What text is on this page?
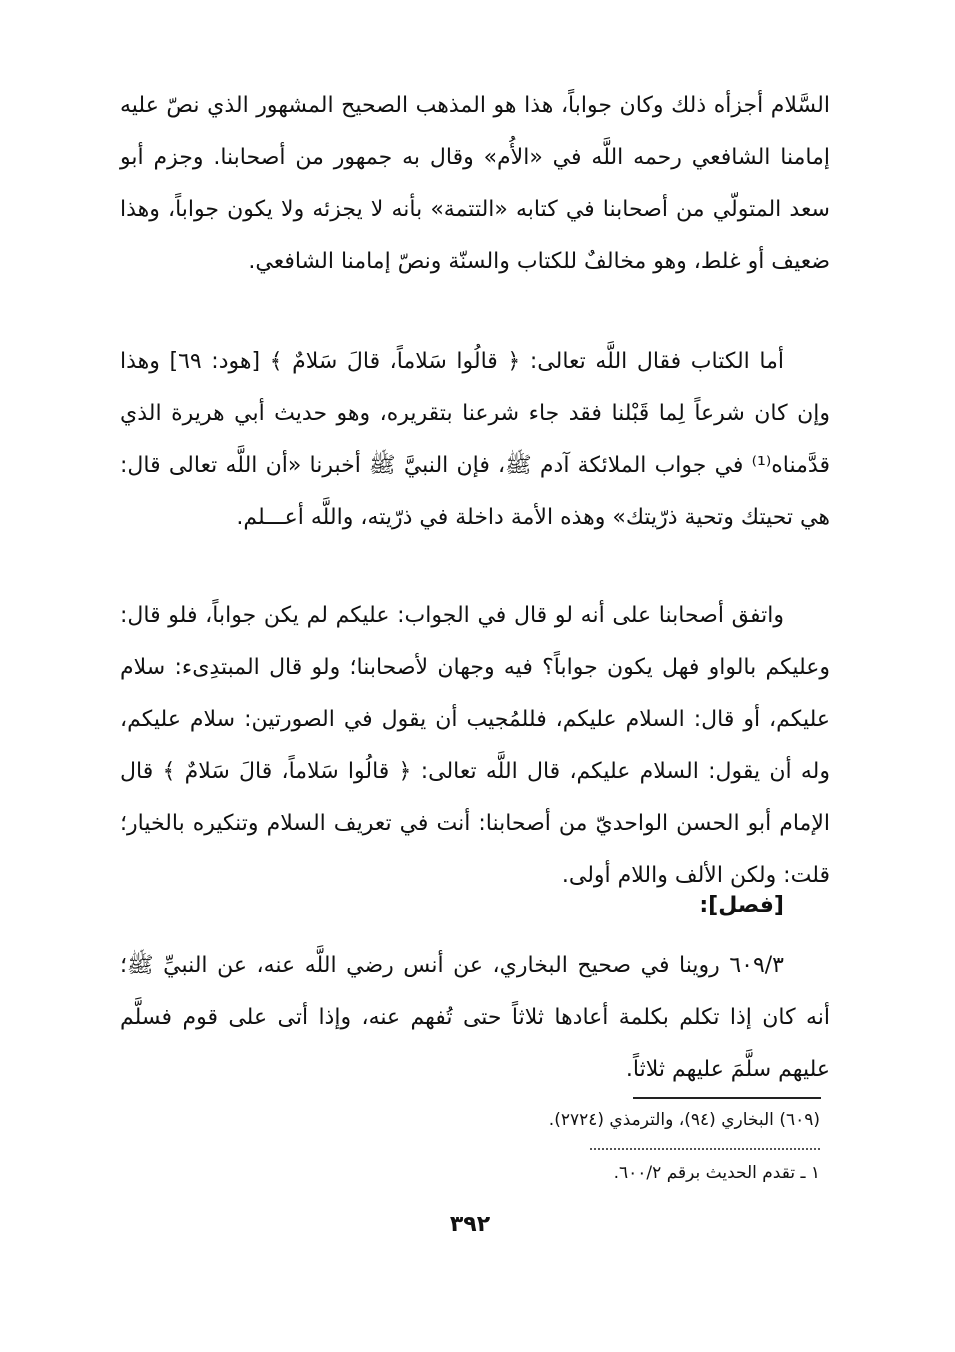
السَّلام أجزأه ذلك وكان جواباً، هذا هو المذهب الصحيح المشهور الذي نصّ عليه إمامنا الشافعي رحمه اللَّه في «الأُم» وقال به جمهور من أصحابنا. وجزم أبو سعد المتولّي من أصحابنا في كتابه «التتمة» بأنه لا يجزئه ولا يكون جواباً، وهذا ضعيف أو غلط، وهو مخالفٌ للكتاب والسنّة ونصّ إمامنا الشافعي.

أما الكتاب فقال اللَّه تعالى: ﴿ قالُوا سَلاماً، قالَ سَلامٌ ﴾ [هود: ٦٩] وهذا وإن كان شرعاً لِما قَبْلنا فقد جاء شرعنا بتقريره، وهو حديث أبي هريرة الذي قدَّمناه⁽¹⁾ في جواب الملائكة آدم ﷺ، فإن النبيَّ ﷺ أخبرنا «أن اللَّه تعالى قال: هي تحيتك وتحية ذرّيتك» وهذه الأمة داخلة في ذرّيته، واللَّه أعـــلم.

واتفق أصحابنا على أنه لو قال في الجواب: عليكم لم يكن جواباً، فلو قال: وعليكم بالواو فهل يكون جواباً؟ فيه وجهان لأصحابنا؛ ولو قال المبتدِىء: سلام عليكم، أو قال: السلام عليكم، فللمُجيب أن يقول في الصورتين: سلام عليكم، وله أن يقول: السلام عليكم، قال اللَّه تعالى: ﴿ قالُوا سَلاماً، قالَ سَلامٌ ﴾ قال الإمام أبو الحسن الواحديّ من أصحابنا: أنت في تعريف السلام وتنكيره بالخيار؛ قلت: ولكن الألف واللام أولى.

[فصل]:

٦٠٩/٣ روينا في صحيح البخاري، عن أنس رضي اللَّه عنه، عن النبيِّ ﷺ؛ أنه كان إذا تكلم بكلمة أعادها ثلاثاً حتى تُفهم عنه، وإذا أتى على قوم فسلَّم عليهم سلَّمَ عليهم ثلاثاً.

(٦٠٩) البخاري (٩٤)، والترمذي (٢٧٢٤).

١ ـ تقدم الحديث برقم ٦٠٠/٢.

٣٩٢
